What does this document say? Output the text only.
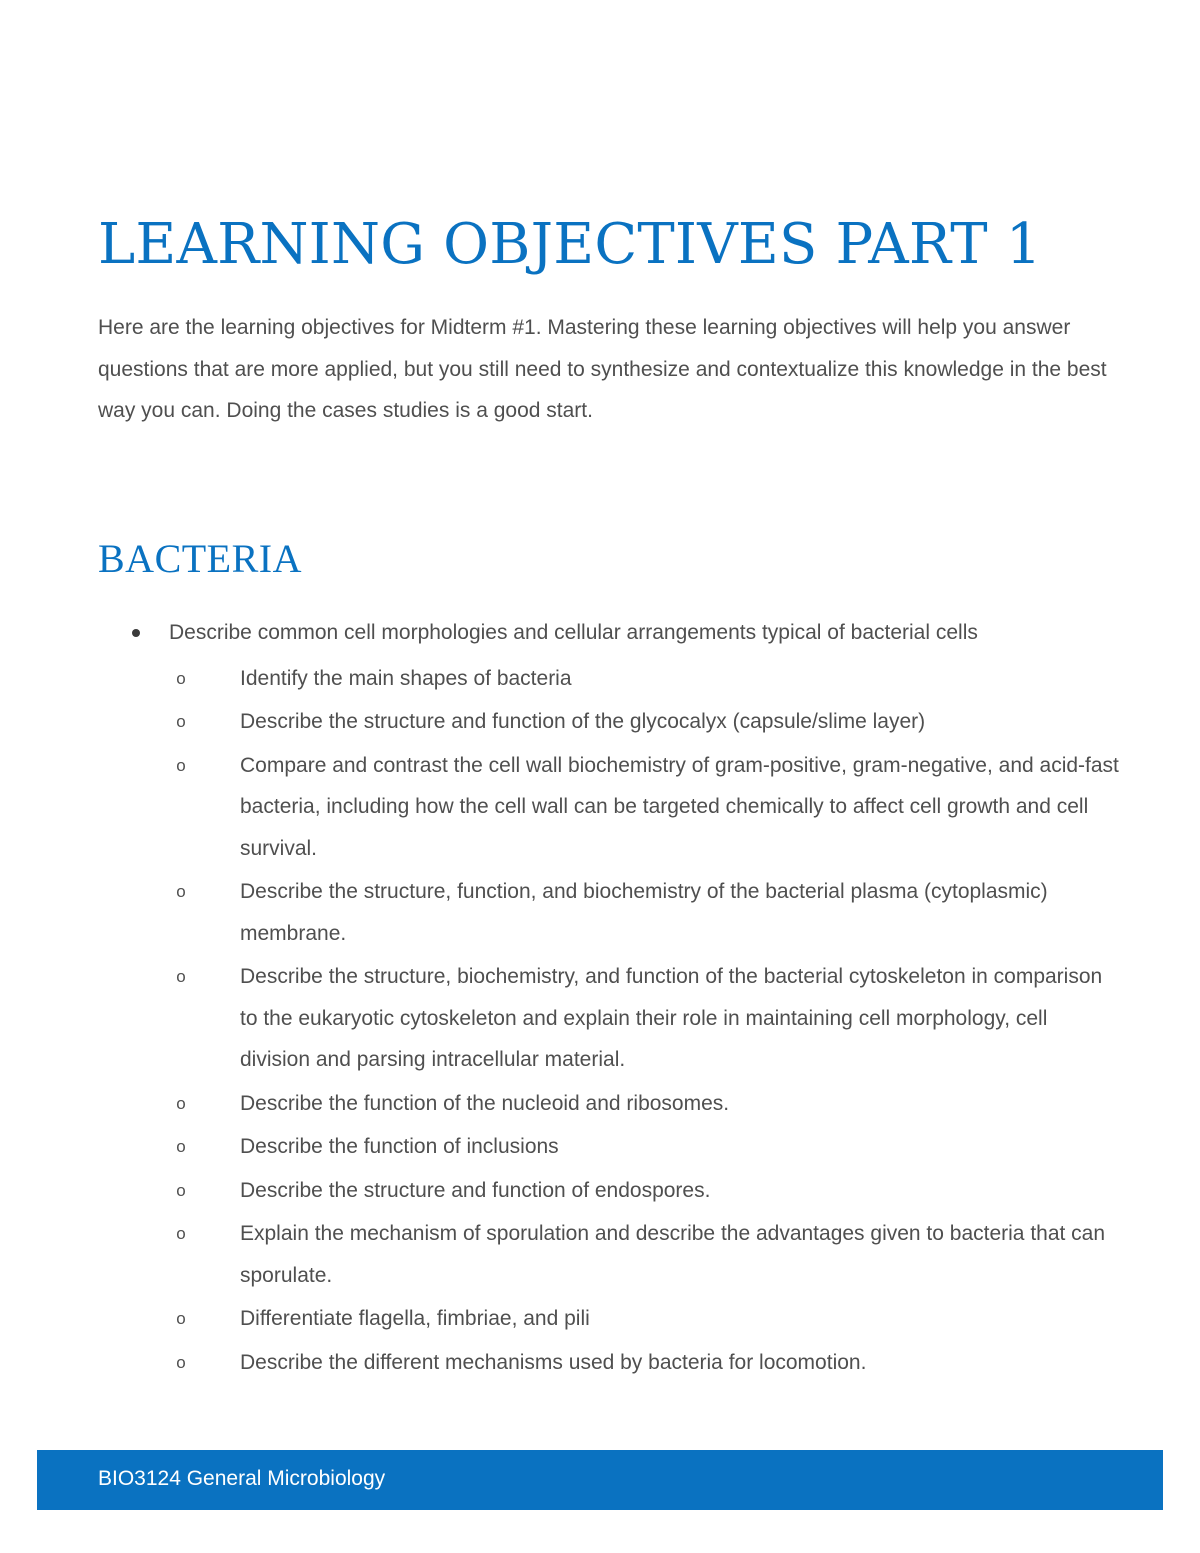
LEARNING OBJECTIVES PART 1

Here are the learning objectives for Midterm #1. Mastering these learning objectives will help you answer questions that are more applied, but you still need to synthesize and contextualize this knowledge in the best way you can. Doing the cases studies is a good start.

BACTERIA
Describe common cell morphologies and cellular arrangements typical of bacterial cells
o	Identify the main shapes of bacteria
o	Describe the structure and function of the glycocalyx (capsule/slime layer)
o	Compare and contrast the cell wall biochemistry of gram-positive, gram-negative, and acid-fast bacteria, including how the cell wall can be targeted chemically to affect cell growth and cell survival.
o	Describe the structure, function, and biochemistry of the bacterial plasma (cytoplasmic) membrane.
o	Describe the structure, biochemistry, and function of the bacterial cytoskeleton in comparison to the eukaryotic cytoskeleton and explain their role in maintaining cell morphology, cell division and parsing intracellular material.
o	Describe the function of the nucleoid and ribosomes.
o	Describe the function of inclusions
o	Describe the structure and function of endospores.
o	Explain the mechanism of sporulation and describe the advantages given to bacteria that can sporulate.
o	Differentiate flagella, fimbriae, and pili
o	Describe the different mechanisms used by bacteria for locomotion.
BIO3124 General Microbiology
